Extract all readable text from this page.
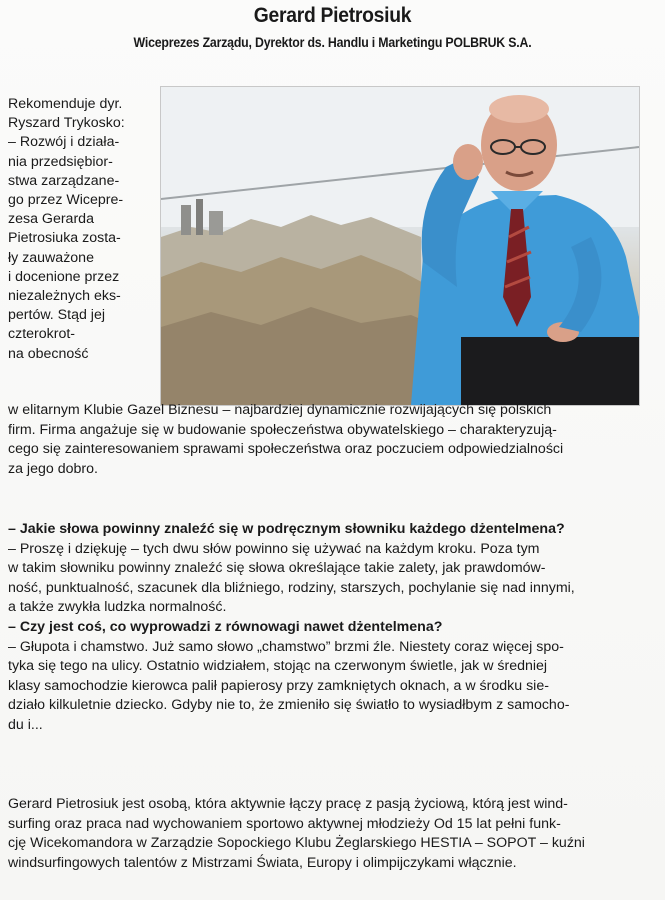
Gerard Pietrosiuk
Wiceprezes Zarządu, Dyrektor ds. Handlu i Marketingu POLBRUK S.A.
Rekomenduje dyr.
Ryszard Trykosko:
– Rozwój i działa-
nia przedsiębior-
stwa zarządzane-
go przez Wicepre-
zesa Gerarda
Pietrosiuka zosta-
ły zauważone
i docenione przez
niezależnych eks-
pertów. Stąd jej
czterokrot-
na obecność
w elitarnym Klubie Gazel Biznesu – najbardziej dynamicznie rozwijających się polskich
firm. Firma angażuje się w budowanie społeczeństwa obywatelskiego – charakteryzują-
cego się zainteresowaniem sprawami społeczeństwa oraz poczuciem odpowiedzialności
za jego dobro.
– Jakie słowa powinny znaleźć się w podręcznym słowniku każdego dżentelmena?
– Proszę i dziękuję – tych dwu słów powinno się używać na każdym kroku. Poza tym
w takim słowniku powinny znaleźć się słowa określające takie zalety, jak prawdomów-
ność, punktualność, szacunek dla bliźniego, rodziny, starszych, pochylanie się nad innymi,
a także zwykła ludzka normalność.
– Czy jest coś, co wyprowadzi z równowagi nawet dżentelmena?
– Głupota i chamstwo. Już samo słowo „chamstwo” brzmi źle. Niestety coraz więcej spo-
tyka się tego na ulicy. Ostatnio widziałem, stojąc na czerwonym świetle, jak w średniej
klasy samochodzie kierowca palił papierosy przy zamkniętych oknach, a w środku sie-
działo kilkuletnie dziecko. Gdyby nie to, że zmieniło się światło to wysiadłbym z samocho-
du i...
Gerard Pietrosiuk jest osobą, która aktywnie łączy pracę z pasją życiową, którą jest wind-
surfing oraz praca nad wychowaniem sportowo aktywnej młodzieży Od 15 lat pełni funk-
cję Wicekomandora w Zarządzie Sopockiego Klubu Żeglarskiego HESTIA – SOPOT – kuźni
windsurfingowych talentów z Mistrzami Świata, Europy i olimpijczykami włącznie.
